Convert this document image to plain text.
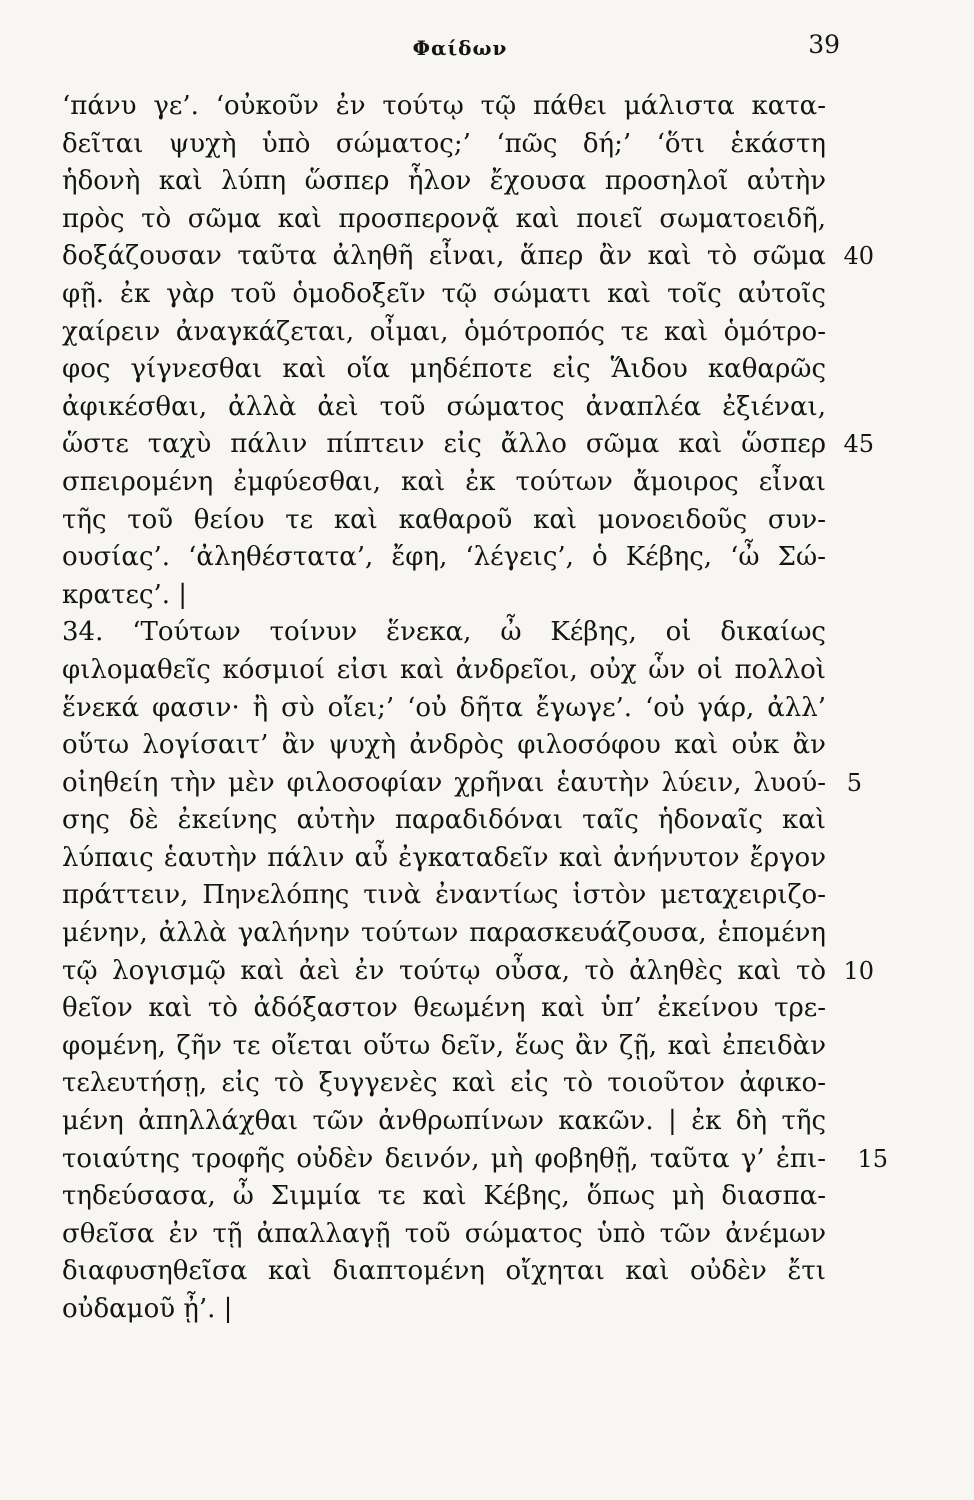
Φαίδων	39
‘πάνυ γε’. ‘οὐκοῦν ἐν τούτῳ τῷ πάθει μάλιστα κατα-
δεῖται ψυχὴ ὑπὸ σώματος;’ ‘πῶς δή;’ ‘ὅτι ἑκάστη
ἡδονὴ καὶ λύπη ὥσπερ ἧλον ἔχουσα προσηλοῖ αὐτὴν
πρὸς τὸ σῶμα καὶ προσπερονᾷ καὶ ποιεῖ σωματοειδῆ,
δοξάζουσαν ταῦτα ἀληθῆ εἶναι, ἅπερ ἂν καὶ τὸ σῶμα 40
φῇ. ἐκ γὰρ τοῦ ὁμοδοξεῖν τῷ σώματι καὶ τοῖς αὐτοῖς
χαίρειν ἀναγκάζεται, οἶμαι, ὁμότροπός τε καὶ ὁμότρο-
φος γίγνεσθαι καὶ οἵα μηδέποτε εἰς Ἅιδου καθαρῶς
ἀφικέσθαι, ἀλλὰ ἀεὶ τοῦ σώματος ἀναπλέα ἐξιέναι,
ὥστε ταχὺ πάλιν πίπτειν εἰς ἄλλο σῶμα καὶ ὥσπερ 45
σπειρομένη ἐμφύεσθαι, καὶ ἐκ τούτων ἄμοιρος εἶναι
τῆς τοῦ θείου τε καὶ καθαροῦ καὶ μονοειδοῦς συν-
ουσίας’. ‘ἀληθέστατα’, ἔφη, ‘λέγεις’, ὁ Κέβης, ‘ὦ Σώ-
κρατες’. |
34. ‘Τούτων τοίνυν ἕνεκα, ὦ Κέβης, οἱ δικαίως
φιλομαθεῖς κόσμιοί εἰσι καὶ ἀνδρεῖοι, οὐχ ὧν οἱ πολλοὶ
ἕνεκά φασιν· ἢ σὺ οἴει;’ ‘οὐ δῆτα ἔγωγε’. ‘οὐ γάρ, ἀλλ’
οὕτω λογίσαιτ’ ἂν ψυχὴ ἀνδρὸς φιλοσόφου καὶ οὐκ ἂν
οἰηθείη τὴν μὲν φιλοσοφίαν χρῆναι ἑαυτὴν λύειν, λυού- 5
σης δὲ ἐκείνης αὐτὴν παραδιδόναι ταῖς ἡδοναῖς καὶ
λύπαις ἑαυτὴν πάλιν αὖ ἐγκαταδεῖν καὶ ἀνήνυτον ἔργον
πράττειν, Πηνελόπης τινὰ ἐναντίως ἱστὸν μεταχειριζο-
μένην, ἀλλὰ γαλήνην τούτων παρασκευάζουσα, ἑπομένη
τῷ λογισμῷ καὶ ἀεὶ ἐν τούτῳ οὖσα, τὸ ἀληθὲς καὶ τὸ 10
θεῖον καὶ τὸ ἀδόξαστον θεωμένη καὶ ὑπ’ ἐκείνου τρε-
φομένη, ζῆν τε οἴεται οὕτω δεῖν, ἕως ἂν ζῇ, καὶ ἐπειδὰν
τελευτήσῃ, εἰς τὸ ξυγγενὲς καὶ εἰς τὸ τοιοῦτον ἀφικο-
μένη ἀπηλλάχθαι τῶν ἀνθρωπίνων κακῶν. | ἐκ δὴ τῆς
τοιαύτης τροφῆς οὐδὲν δεινόν, μὴ φοβηθῇ, ταῦτα γ’ ἐπι-	15
τηδεύσασα, ὦ Σιμμία τε καὶ Κέβης, ὅπως μὴ διασπα-
σθεῖσα ἐν τῇ ἀπαλλαγῇ τοῦ σώματος ὑπὸ τῶν ἀνέμων
διαφυσηθεῖσα καὶ διαπτομένη οἴχηται καὶ οὐδὲν ἔτι
οὐδαμοῦ ᾖ’. |
